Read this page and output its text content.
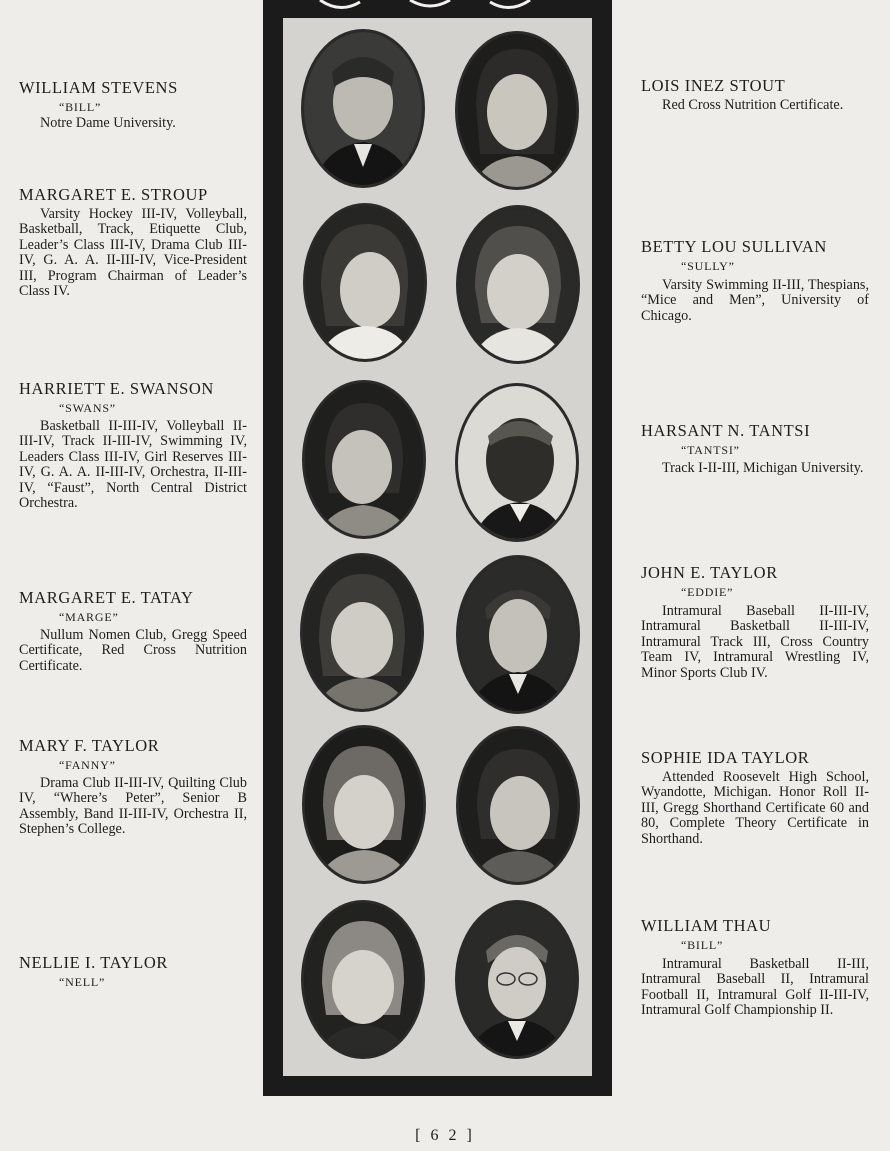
WILLIAM STEVENS
“BILL”
Notre Dame University.
MARGARET E. STROUP
Varsity Hockey III-IV, Volleyball, Basketball, Track, Etiquette Club, Leader’s Class III-IV, Drama Club III-IV, G. A. A. II-III-IV, Vice-President III, Program Chairman of Leader’s Class IV.
HARRIETT E. SWANSON
“SWANS”
Basketball II-III-IV, Volleyball II-III-IV, Track II-III-IV, Swimming IV, Leaders Class III-IV, Girl Reserves III-IV, G. A. A. II-III-IV, Orchestra, II-III-IV, “Faust”, North Central District Orchestra.
MARGARET E. TATAY
“MARGE”
Nullum Nomen Club, Gregg Speed Certificate, Red Cross Nutrition Certificate.
MARY F. TAYLOR
“FANNY”
Drama Club II-III-IV, Quilting Club IV, “Where’s Peter”, Senior B Assembly, Band II-III-IV, Orchestra II, Stephen’s College.
NELLIE I. TAYLOR
“NELL”
LOIS INEZ STOUT
Red Cross Nutrition Certificate.
BETTY LOU SULLIVAN
“SULLY”
Varsity Swimming II-III, Thespians, “Mice and Men”, University of Chicago.
HARSANT N. TANTSI
“TANTSI”
Track I-II-III, Michigan University.
JOHN E. TAYLOR
“EDDIE”
Intramural Baseball II-III-IV, Intramural Basketball II-III-IV, Intramural Track III, Cross Country Team IV, Intramural Wrestling IV, Minor Sports Club IV.
SOPHIE IDA TAYLOR
Attended Roosevelt High School, Wyandotte, Michigan. Honor Roll II-III, Gregg Shorthand Certificate 60 and 80, Complete Theory Certificate in Shorthand.
WILLIAM THAU
“BILL”
Intramural Basketball II-III, Intramural Baseball II, Intramural Football II, Intramural Golf II-III-IV, Intramural Golf Championship II.
[ 6 2 ]
